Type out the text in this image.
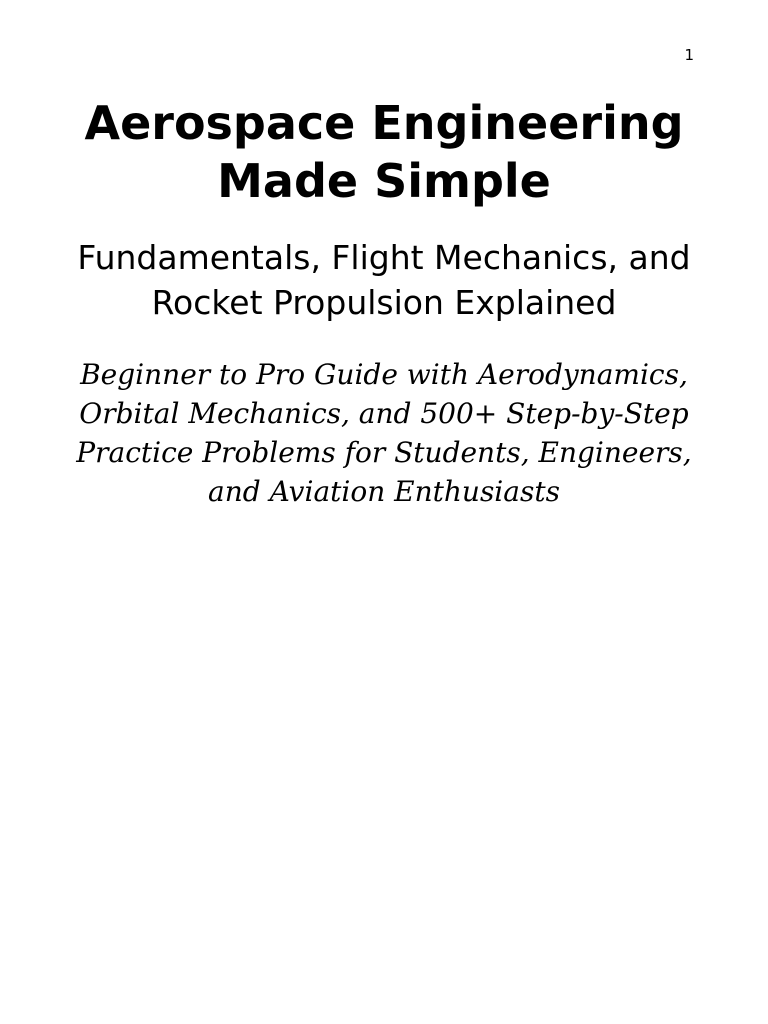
1
Aerospace Engineering Made Simple
Fundamentals, Flight Mechanics, and Rocket Propulsion Explained

Beginner to Pro Guide with Aerodynamics, Orbital Mechanics, and 500+ Step-by-Step Practice Problems for Students, Engineers, and Aviation Enthusiasts
